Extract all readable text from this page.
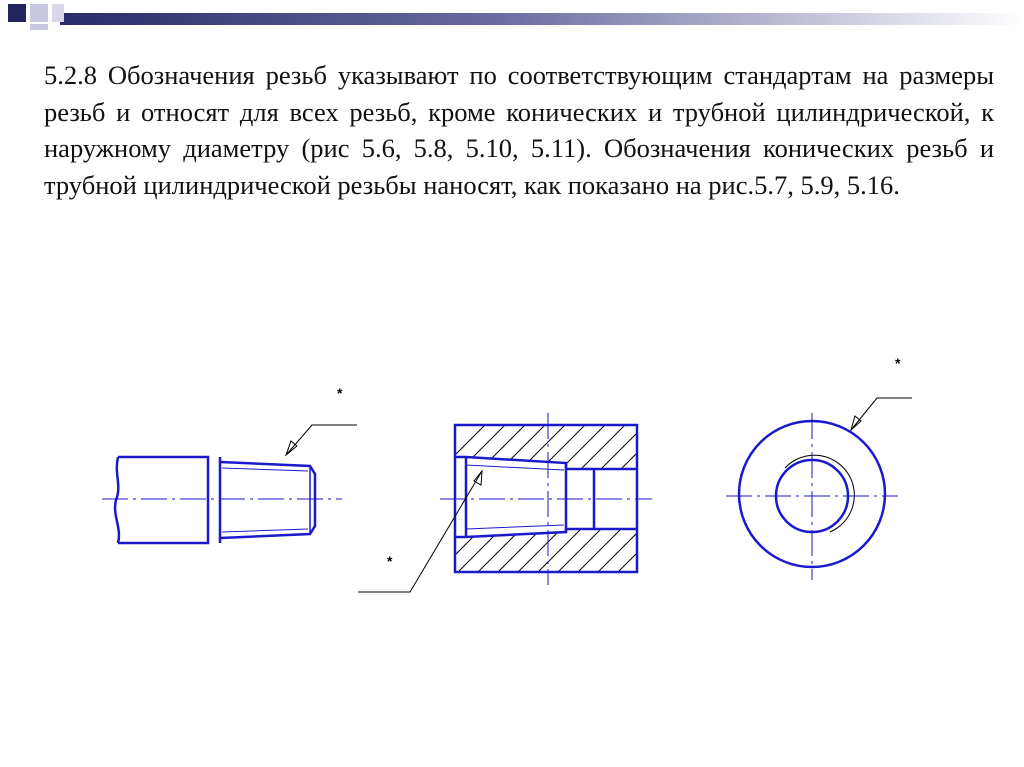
5.2.8 Обозначения резьб указывают по соответствующим стандартам на размеры резьб и относят для всех резьб, кроме конических и трубной цилиндрической, к наружному диаметру (рис 5.6, 5.8, 5.10, 5.11). Обозначения конических резьб и трубной цилиндрической резьбы наносят, как показано на рис.5.7, 5.9, 5.16.

*
*
*
